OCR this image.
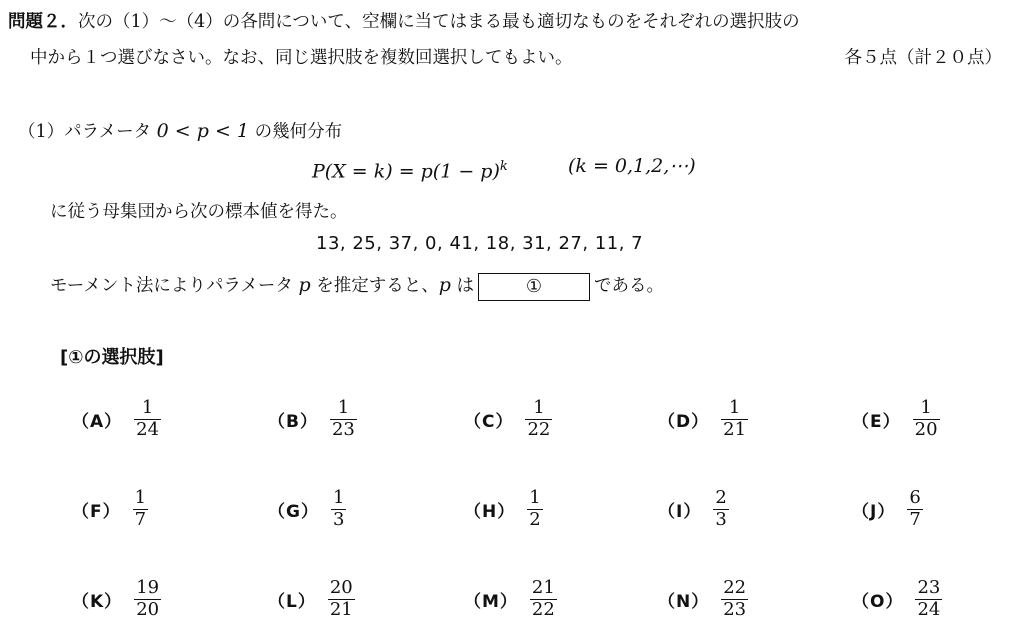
問題２．次の（1）～（4）の各問について、空欄に当てはまる最も適切なものをそれぞれの選択肢の
中から１つ選びなさい。なお、同じ選択肢を複数回選択してもよい。	各５点（計２０点）
（1）パラメータ 0 < p < 1 の幾何分布
$P(X = k) = p(1 - p)^k$	(k = 0,1,2,⋯)
に従う母集団から次の標本値を得た。
13, 25, 37, 0, 41, 18, 31, 27, 11, 7
モーメント法によりパラメータ p を推定すると、p は	①	である。
[①の選択肢]
$(A) \frac{1}{24}$	$(B) \frac{1}{23}$	$(C) \frac{1}{22}$	$(D) \frac{1}{21}$	$(E) \frac{1}{20}$
$(F) \frac{1}{7}$	$(G) \frac{1}{3}$	$(H) \frac{1}{2}$	$(I) \frac{2}{3}$	$(J) \frac{6}{7}$
$(K) \frac{19}{20}$	$(L) \frac{20}{21}$	$(M) \frac{21}{22}$	$(N) \frac{22}{23}$	$(O) \frac{23}{24}$
